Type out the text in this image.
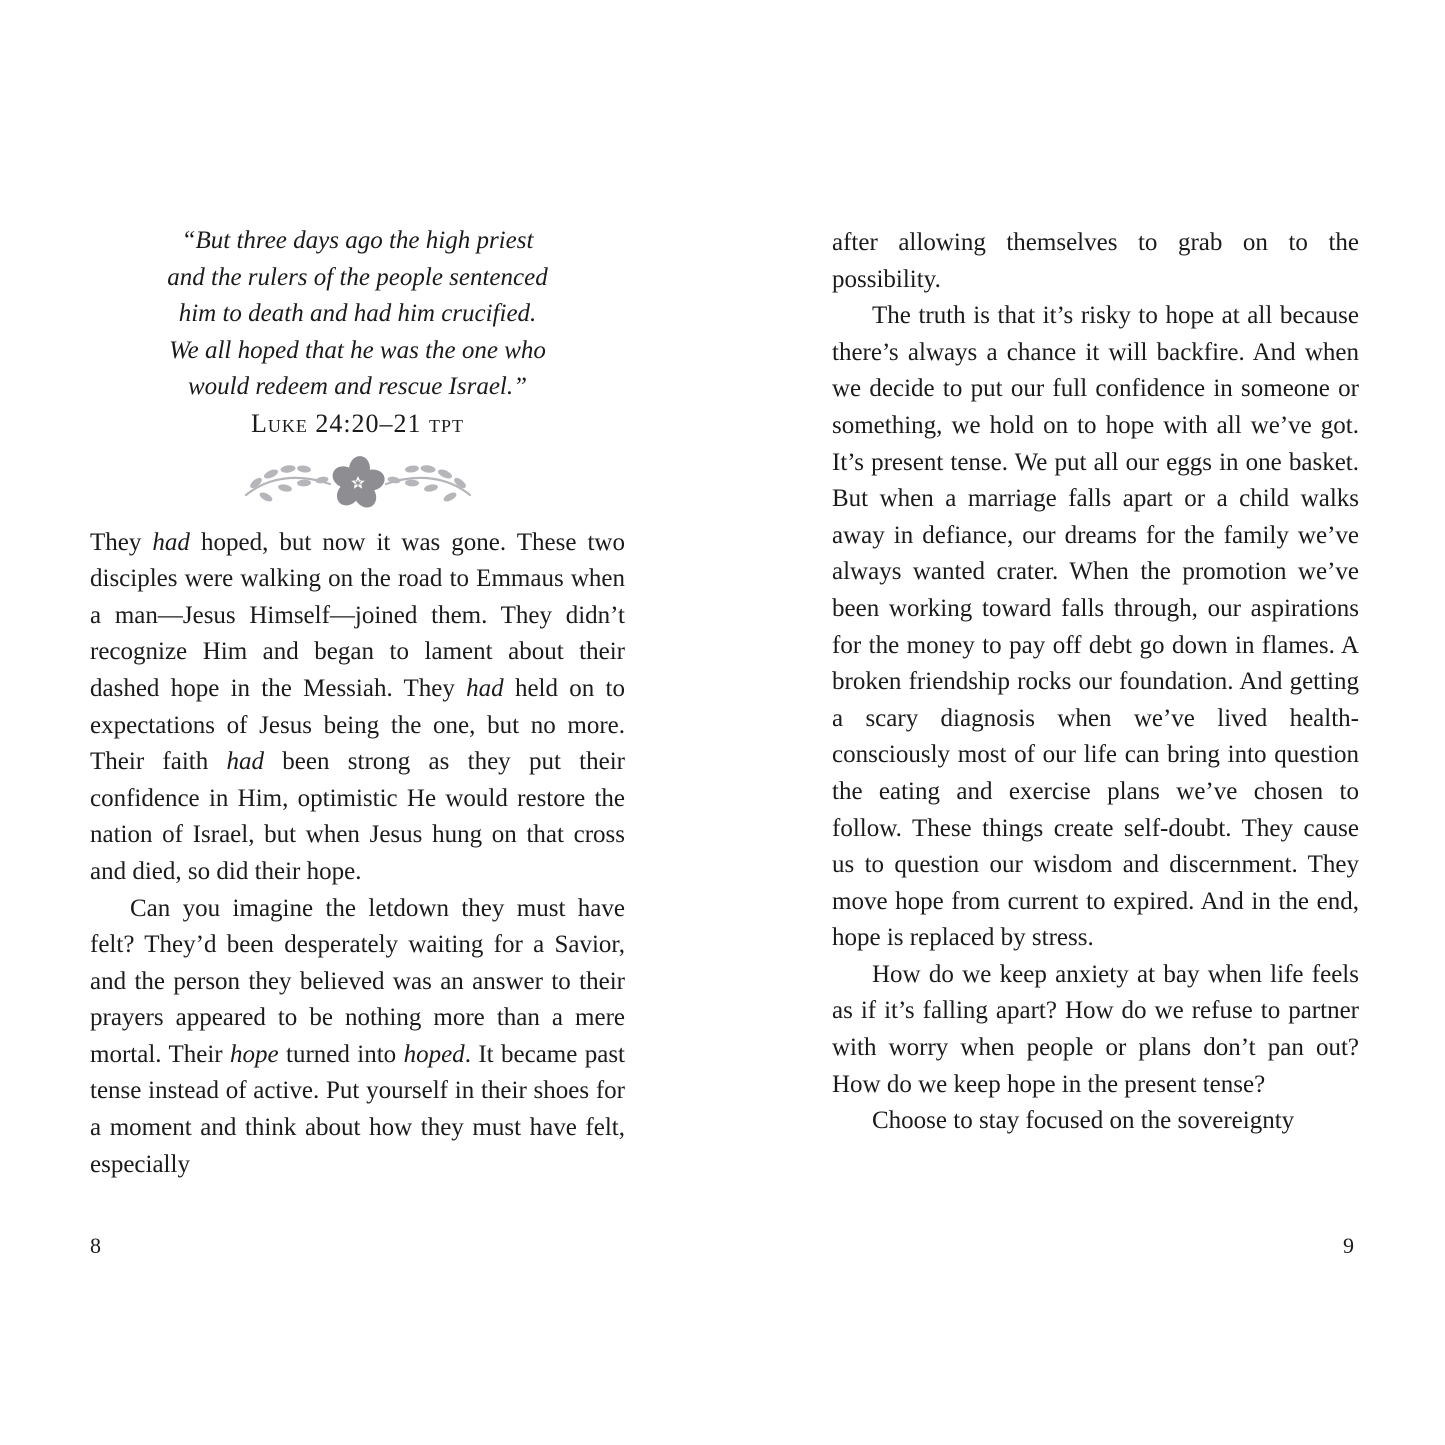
“But three days ago the high priest
and the rulers of the people sentenced
him to death and had him crucified.
We all hoped that he was the one who
would redeem and rescue Israel.”
Luke 24:20–21 tpt

They had hoped, but now it was gone. These two disciples were walking on the road to Emmaus when a man—Jesus Himself—joined them. They didn’t recognize Him and began to lament about their dashed hope in the Messiah. They had held on to expectations of Jesus being the one, but no more. Their faith had been strong as they put their confidence in Him, optimistic He would restore the nation of Israel, but when Jesus hung on that cross and died, so did their hope.

Can you imagine the letdown they must have felt? They’d been desperately waiting for a Savior, and the person they believed was an answer to their prayers appeared to be nothing more than a mere mortal. Their hope turned into hoped. It became past tense instead of active. Put yourself in their shoes for a moment and think about how they must have felt, especially

after allowing themselves to grab on to the possibility.

The truth is that it’s risky to hope at all because there’s always a chance it will backfire. And when we decide to put our full confidence in someone or something, we hold on to hope with all we’ve got. It’s present tense. We put all our eggs in one basket. But when a marriage falls apart or a child walks away in defiance, our dreams for the family we’ve always wanted crater. When the promotion we’ve been working toward falls through, our aspirations for the money to pay off debt go down in flames. A broken friendship rocks our foundation. And getting a scary diagnosis when we’ve lived health-consciously most of our life can bring into question the eating and exercise plans we’ve chosen to follow. These things create self-doubt. They cause us to question our wisdom and discernment. They move hope from current to expired. And in the end, hope is replaced by stress.

How do we keep anxiety at bay when life feels as if it’s falling apart? How do we refuse to partner with worry when people or plans don’t pan out? How do we keep hope in the present tense?

Choose to stay focused on the sovereignty

8	9
